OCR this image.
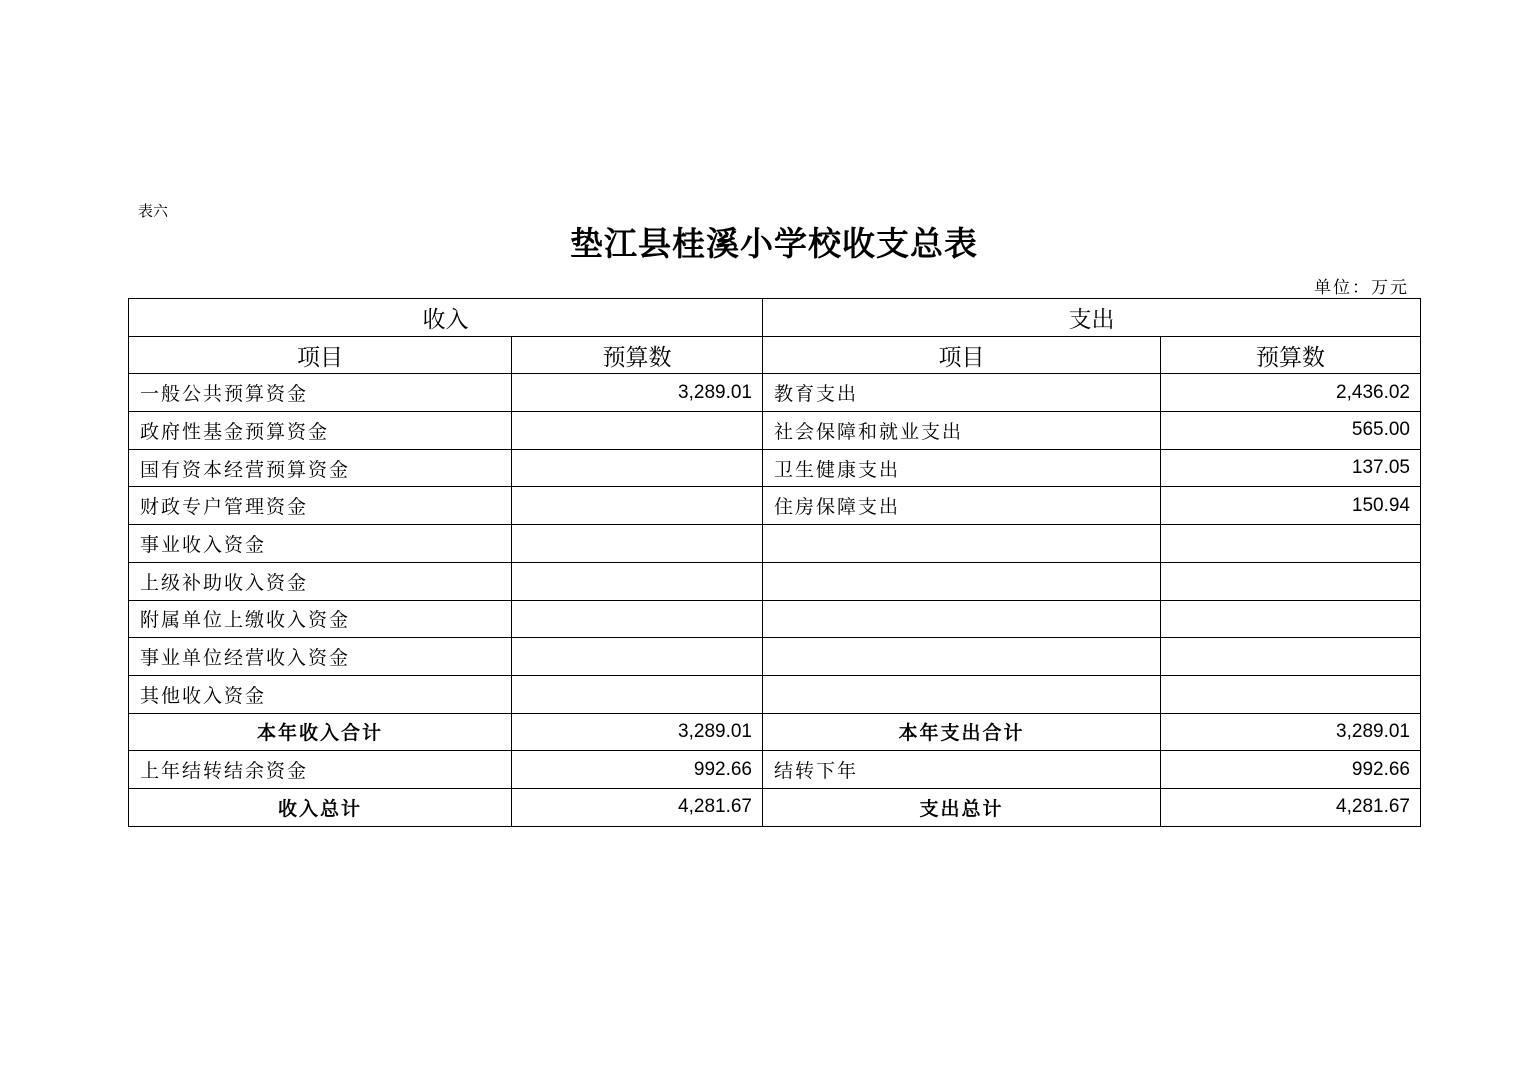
表六
垫江县桂溪小学校收支总表
单位：万元
收入		支出	
项目	预算数	项目	预算数
一般公共预算资金	3,289.01	教育支出	2,436.02
政府性基金预算资金		社会保障和就业支出	565.00
国有资本经营预算资金		卫生健康支出	137.05
财政专户管理资金		住房保障支出	150.94
事业收入资金			
上级补助收入资金			
附属单位上缴收入资金			
事业单位经营收入资金			
其他收入资金			
本年收入合计	3,289.01	本年支出合计	3,289.01
上年结转结余资金	992.66	结转下年	992.66
收入总计	4,281.67	支出总计	4,281.67
